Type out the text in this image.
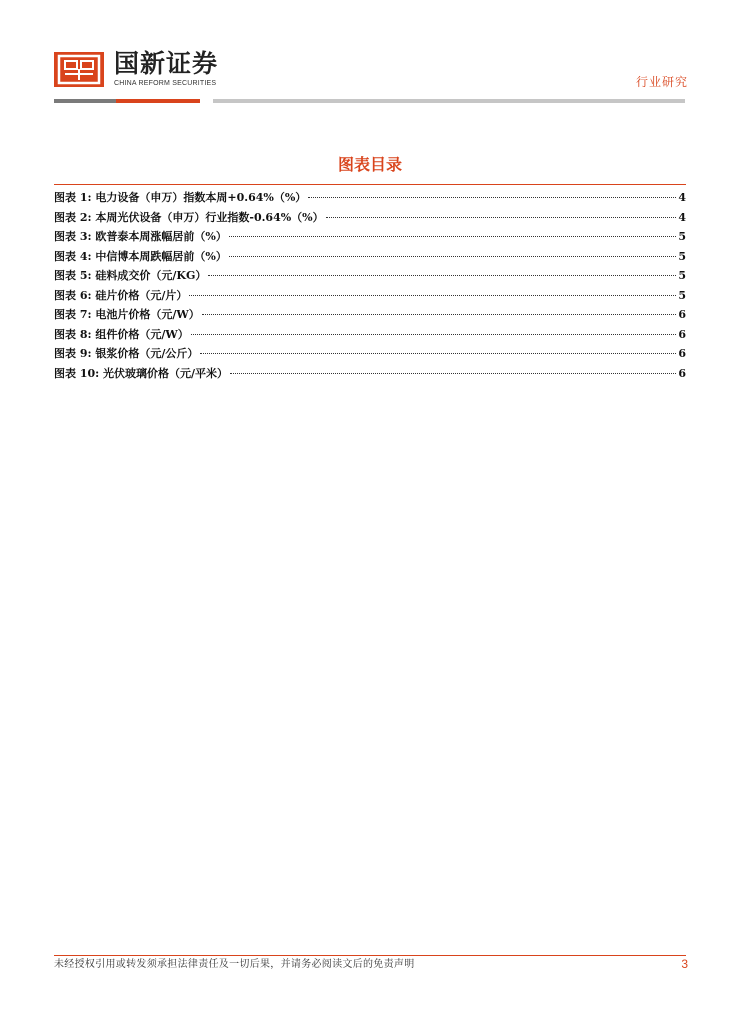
国新证券
CHINA REFORM SECURITIES	行业研究
图表目录
图表 1: 电力设备（申万）指数本周+0.64%（%）	4
图表 2: 本周光伏设备（申万）行业指数-0.64%（%）	4
图表 3: 欧普泰本周涨幅居前（%）	5
图表 4: 中信博本周跌幅居前（%）	5
图表 5: 硅料成交价（元/KG）	5
图表 6: 硅片价格（元/片）	5
图表 7: 电池片价格（元/W）	6
图表 8: 组件价格（元/W）	6
图表 9: 银浆价格（元/公斤）	6
图表 10: 光伏玻璃价格（元/平米）	6
未经授权引用或转发须承担法律责任及一切后果，并请务必阅读文后的免责声明	3
